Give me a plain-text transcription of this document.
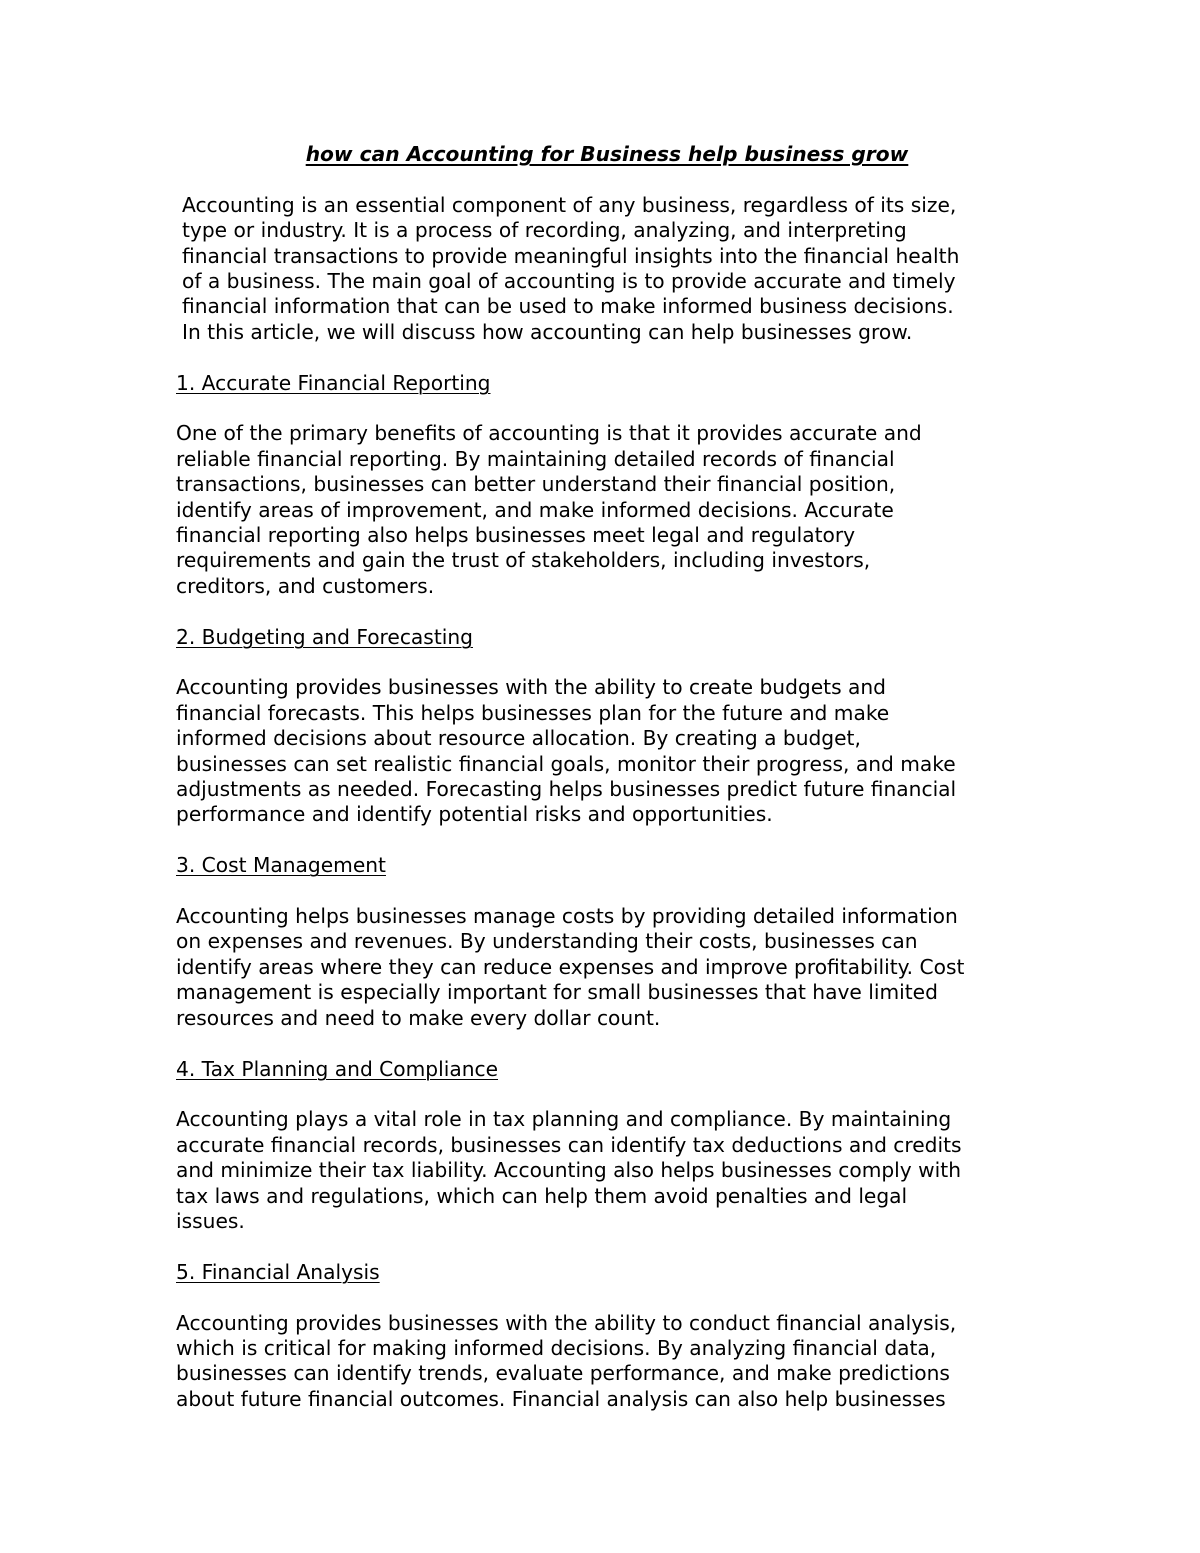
how can Accounting for Business help business grow
Accounting is an essential component of any business, regardless of its size,
type or industry. It is a process of recording, analyzing, and interpreting
financial transactions to provide meaningful insights into the financial health
of a business. The main goal of accounting is to provide accurate and timely
financial information that can be used to make informed business decisions.
In this article, we will discuss how accounting can help businesses grow.
1. Accurate Financial Reporting
One of the primary benefits of accounting is that it provides accurate and
reliable financial reporting. By maintaining detailed records of financial
transactions, businesses can better understand their financial position,
identify areas of improvement, and make informed decisions. Accurate
financial reporting also helps businesses meet legal and regulatory
requirements and gain the trust of stakeholders, including investors,
creditors, and customers.
2. Budgeting and Forecasting
Accounting provides businesses with the ability to create budgets and
financial forecasts. This helps businesses plan for the future and make
informed decisions about resource allocation. By creating a budget,
businesses can set realistic financial goals, monitor their progress, and make
adjustments as needed. Forecasting helps businesses predict future financial
performance and identify potential risks and opportunities.
3. Cost Management
Accounting helps businesses manage costs by providing detailed information
on expenses and revenues. By understanding their costs, businesses can
identify areas where they can reduce expenses and improve profitability. Cost
management is especially important for small businesses that have limited
resources and need to make every dollar count.
4. Tax Planning and Compliance
Accounting plays a vital role in tax planning and compliance. By maintaining
accurate financial records, businesses can identify tax deductions and credits
and minimize their tax liability. Accounting also helps businesses comply with
tax laws and regulations, which can help them avoid penalties and legal
issues.
5. Financial Analysis
Accounting provides businesses with the ability to conduct financial analysis,
which is critical for making informed decisions. By analyzing financial data,
businesses can identify trends, evaluate performance, and make predictions
about future financial outcomes. Financial analysis can also help businesses
